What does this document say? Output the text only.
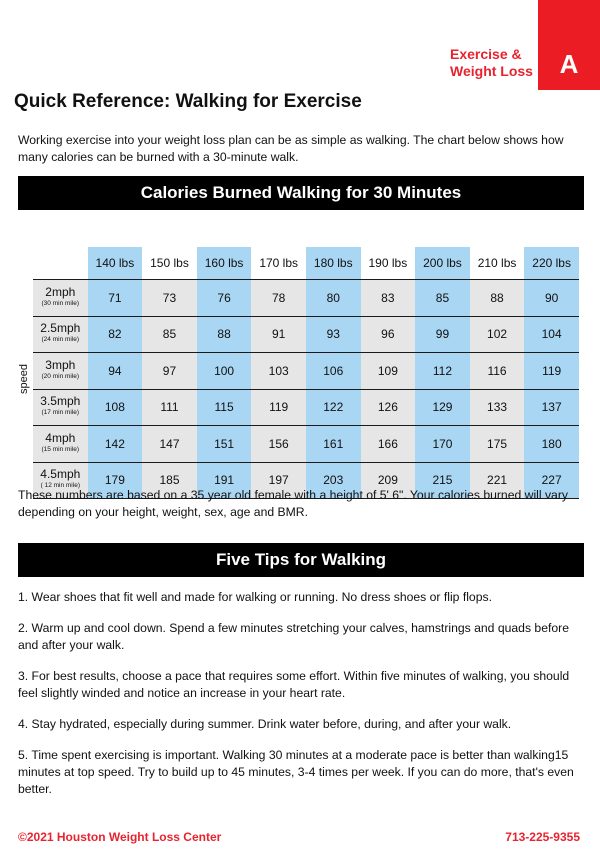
Exercise &
Weight Loss	A
Quick Reference: Walking for Exercise

Working exercise into your weight loss plan can be as simple as walking. The chart below shows how many calories can be burned with a 30-minute walk.

Calories Burned Walking for 30 Minutes
speed
	140 lbs	150 lbs	160 lbs	170 lbs	180 lbs	190 lbs	200 lbs	210 lbs	220 lbs

2mph
(30 min mile)	71	73	76	78	80	83	85	88	90

2.5mph
(24 min mile)	82	85	88	91	93	96	99	102	104

3mph
(20 min mile)	94	97	100	103	106	109	112	116	119

3.5mph
(17 min mile)	108	111	115	119	122	126	129	133	137

4mph
(15 min mile)	142	147	151	156	161	166	170	175	180

4.5mph
( 12 min mile)	179	185	191	197	203	209	215	221	227

These numbers are based on a 35 year old female with a height of 5' 6". Your calories burned will vary depending on your height, weight, sex, age and BMR.

Five Tips for Walking
1. Wear shoes that fit well and made for walking or running. No dress shoes or flip flops.
2. Warm up and cool down. Spend a few minutes stretching your calves, hamstrings and quads before and after your walk.
3. For best results, choose a pace that requires some effort. Within five minutes of walking, you should feel slightly winded and notice an increase in your heart rate.
4. Stay hydrated, especially during summer. Drink water before, during, and after your walk.
5. Time spent exercising is important. Walking 30 minutes at a moderate pace is better than walking15 minutes at top speed. Try to build up to 45 minutes, 3-4 times per week. If you can do more, that's even better.
©2021 Houston Weight Loss Center	713-225-9355
